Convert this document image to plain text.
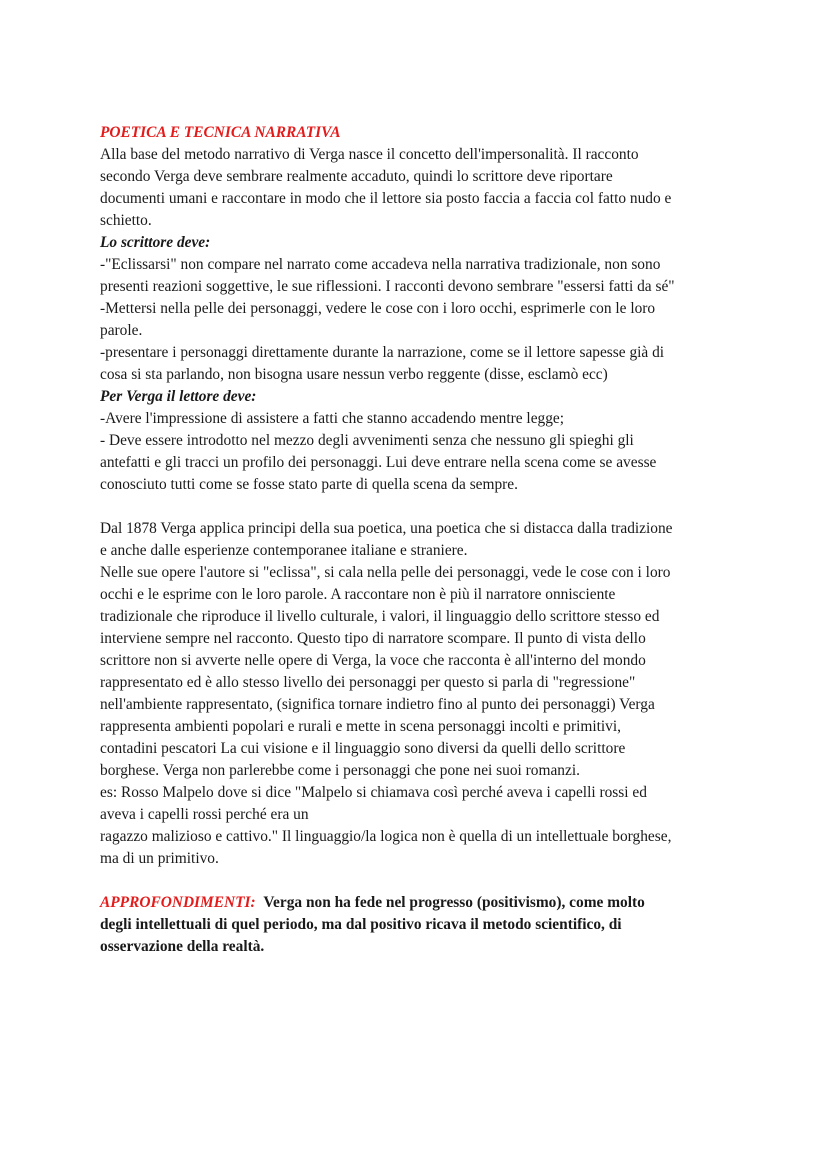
POETICA E TECNICA NARRATIVA
Alla base del metodo narrativo di Verga nasce il concetto dell'impersonalità. Il racconto
secondo Verga deve sembrare realmente accaduto, quindi lo scrittore deve riportare
documenti umani e raccontare in modo che il lettore sia posto faccia a faccia col fatto nudo e
schietto.
Lo scrittore deve:
-"Eclissarsi" non compare nel narrato come accadeva nella narrativa tradizionale, non sono
presenti reazioni soggettive, le sue riflessioni. I racconti devono sembrare "essersi fatti da sé"
-Mettersi nella pelle dei personaggi, vedere le cose con i loro occhi, esprimerle con le loro
parole.
-presentare i personaggi direttamente durante la narrazione, come se il lettore sapesse già di
cosa si sta parlando, non bisogna usare nessun verbo reggente (disse, esclamò ecc)
Per Verga il lettore deve:
-Avere l'impressione di assistere a fatti che stanno accadendo mentre legge;
- Deve essere introdotto nel mezzo degli avvenimenti senza che nessuno gli spieghi gli
antefatti e gli tracci un profilo dei personaggi. Lui deve entrare nella scena come se avesse
conosciuto tutti come se fosse stato parte di quella scena da sempre.
Dal 1878 Verga applica principi della sua poetica, una poetica che si distacca dalla tradizione
e anche dalle esperienze contemporanee italiane e straniere.
Nelle sue opere l'autore si "eclissa", si cala nella pelle dei personaggi, vede le cose con i loro
occhi e le esprime con le loro parole. A raccontare non è più il narratore onnisciente
tradizionale che riproduce il livello culturale, i valori, il linguaggio dello scrittore stesso ed
interviene sempre nel racconto. Questo tipo di narratore scompare. Il punto di vista dello
scrittore non si avverte nelle opere di Verga, la voce che racconta è all'interno del mondo
rappresentato ed è allo stesso livello dei personaggi per questo si parla di "regressione"
nell'ambiente rappresentato, (significa tornare indietro fino al punto dei personaggi) Verga
rappresenta ambienti popolari e rurali e mette in scena personaggi incolti e primitivi,
contadini pescatori La cui visione e il linguaggio sono diversi da quelli dello scrittore
borghese. Verga non parlerebbe come i personaggi che pone nei suoi romanzi.
es: Rosso Malpelo dove si dice "Malpelo si chiamava così perché aveva i capelli rossi ed
aveva i capelli rossi perché era un
ragazzo malizioso e cattivo." Il linguaggio/la logica non è quella di un intellettuale borghese,
ma di un primitivo.
APPROFONDIMENTI: Verga non ha fede nel progresso (positivismo), come molto
degli intellettuali di quel periodo, ma dal positivo ricava il metodo scientifico, di
osservazione della realtà.
